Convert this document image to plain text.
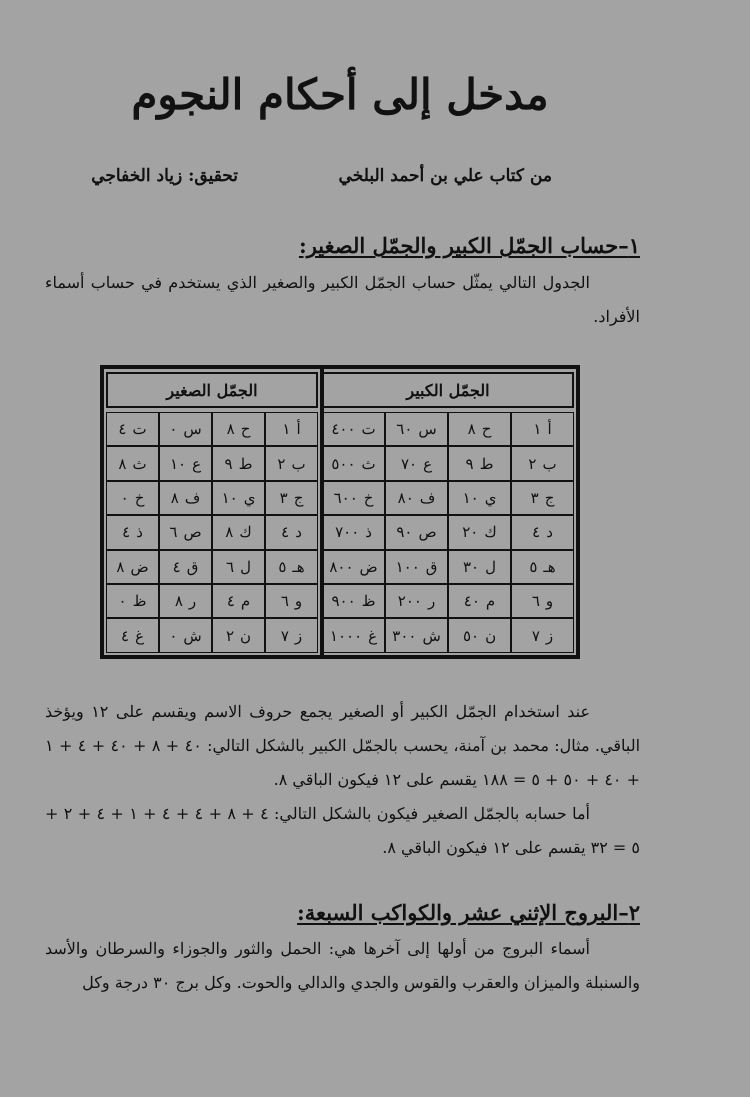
مدخل إلى أحكام النجوم
من كتاب علي بن أحمد البلخي
تحقيق: زياد الخفاجي
١–حساب الجمّل الكبير والجمّل الصغير:
الجدول التالي يمثّل حساب الجمّل الكبير والصغير الذي يستخدم في حساب أسماء الأفراد.
الجمّل الكبير
الجمّل الصغير
أ
١
ح
٨
س
٦٠
ت
٤٠٠
ب
٢
ط
٩
ع
٧٠
ث
٥٠٠
ج
٣
ي
١٠
ف
٨٠
خ
٦٠٠
د
٤
ك
٢٠
ص
٩٠
ذ
٧٠٠
هـ
٥
ل
٣٠
ق
١٠٠
ض
٨٠٠
و
٦
م
٤٠
ر
٢٠٠
ظ
٩٠٠
ز
٧
ن
٥٠
ش
٣٠٠
غ
١٠٠٠
أ
١
ح
٨
س
٠
ت
٤
ب
٢
ط
٩
ع
١٠
ث
٨
ج
٣
ي
١٠
ف
٨
خ
٠
د
٤
ك
٨
ص
٦
ذ
٤
هـ
٥
ل
٦
ق
٤
ض
٨
و
٦
م
٤
ر
٨
ظ
٠
ز
٧
ن
٢
ش
٠
غ
٤

عند استخدام الجمّل الكبير أو الصغير يجمع حروف الاسم ويقسم على ١٢ ويؤخذ الباقي. مثال: محمد بن آمنة، يحسب بالجمّل الكبير بالشكل التالي: ٤٠ + ٨ + ٤٠ + ٤ + ١ + ٤٠ + ٥٠ + ٥ = ١٨٨ يقسم على ١٢ فيكون الباقي ٨.

أما حسابه بالجمّل الصغير فيكون بالشكل التالي: ٤ + ٨ + ٤ + ٤ + ١ + ٤ + ٢ + ٥ = ٣٢ يقسم على ١٢ فيكون الباقي ٨.

٢–البروج الإثني عشر والكواكب السبعة:
أسماء البروج من أولها إلى آخرها هي: الحمل والثور والجوزاء والسرطان والأسد والسنبلة والميزان والعقرب والقوس والجدي والدالي والحوت. وكل برج ٣٠ درجة وكل
